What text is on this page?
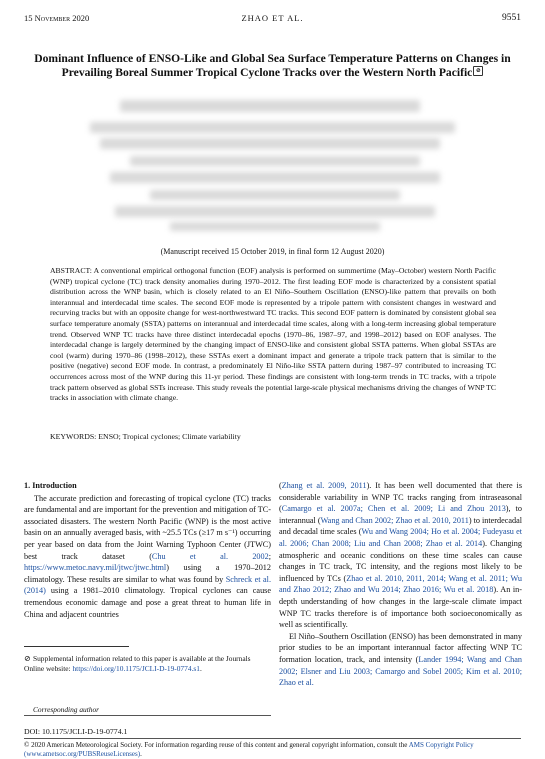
15 November 2020	ZHAO ET AL.	9551
Dominant Influence of ENSO-Like and Global Sea Surface Temperature Patterns on Changes in Prevailing Boreal Summer Tropical Cyclone Tracks over the Western North Pacific ⊘
(Manuscript received 15 October 2019, in final form 12 August 2020)
ABSTRACT: A conventional empirical orthogonal function (EOF) analysis is performed on summertime (May–October) western North Pacific (WNP) tropical cyclone (TC) track density anomalies during 1970–2012. The first leading EOF mode is characterized by a consistent spatial distribution across the WNP basin, which is closely related to an El Niño–Southern Oscillation (ENSO)-like pattern that prevails on both interannual and interdecadal time scales. The second EOF mode is represented by a tripole pattern with consistent changes in westward and recurving tracks but with an opposite change for west-northwestward TC tracks. This second EOF pattern is dominated by consistent global sea surface temperature anomaly (SSTA) patterns on interannual and interdecadal time scales, along with a long-term increasing global temperature trend. Observed WNP TC tracks have three distinct interdecadal epochs (1970–86, 1987–97, and 1998–2012) based on EOF analyses. The interdecadal change is largely determined by the changing impact of ENSO-like and consistent global SSTA patterns. When global SSTAs are cool (warm) during 1970–86 (1998–2012), these SSTAs exert a dominant impact and generate a tripole track pattern that is similar to the positive (negative) second EOF mode. In contrast, a predominately El Niño-like SSTA pattern during 1987–97 contributed to increasing TC occurrences across most of the WNP during this 11-yr period. These findings are consistent with long-term trends in TC tracks, with a tripole track pattern observed as global SSTs increase. This study reveals the potential large-scale physical mechanisms driving the changes of WNP TC tracks in association with climate change.
KEYWORDS: ENSO; Tropical cyclones; Climate variability
1. Introduction

The accurate prediction and forecasting of tropical cyclone (TC) tracks are fundamental and are important for the prevention and mitigation of TC-associated disasters. The western North Pacific (WNP) is the most active basin on an annually averaged basis, with ~25.5 TCs (≥17 m s⁻¹) occurring per year based on data from the Joint Warning Typhoon Center (JTWC) best track dataset (Chu et al. 2002; https://www.metoc.navy.mil/jtwc/jtwc.html) using a 1970–2012 climatology. These results are similar to what was found by Schreck et al. (2014) using a 1981–2010 climatology. Tropical cyclones can cause tremendous economic damage and pose a great threat to human life in China and adjacent countries

(Zhang et al. 2009, 2011). It has been well documented that there is considerable variability in WNP TC tracks ranging from intraseasonal (Camargo et al. 2007a; Chen et al. 2009; Li and Zhou 2013), to interannual (Wang and Chan 2002; Zhao et al. 2010, 2011) to interdecadal and decadal time scales (Wu and Wang 2004; Ho et al. 2004; Fudeyasu et al. 2006; Chan 2008; Liu and Chan 2008; Zhao et al. 2014). Changing atmospheric and oceanic conditions on these time scales can cause changes in TC track, TC intensity, and the regions most likely to be influenced by TCs (Zhao et al. 2010, 2011, 2014; Wang et al. 2011; Wu and Zhao 2012; Zhao and Wu 2014; Zhao 2016; Wu et al. 2018). An in-depth understanding of how changes in the large-scale climate impact WNP TC tracks therefore is of importance both socioeconomically as well as scientifically.

El Niño–Southern Oscillation (ENSO) has been demonstrated in many prior studies to be an important interannual factor affecting WNP TC formation location, track, and intensity (Lander 1994; Wang and Chan 2002; Elsner and Liu 2003; Camargo and Sobel 2005; Kim et al. 2010; Zhao et al.

⊘ Supplemental information related to this paper is available at the Journals Online website: https://doi.org/10.1175/JCLI-D-19-0774.s1.
Corresponding author
DOI: 10.1175/JCLI-D-19-0774.1
© 2020 American Meteorological Society. For information regarding reuse of this content and general copyright information, consult the AMS Copyright Policy (www.ametsoc.org/PUBSReuseLicenses).
